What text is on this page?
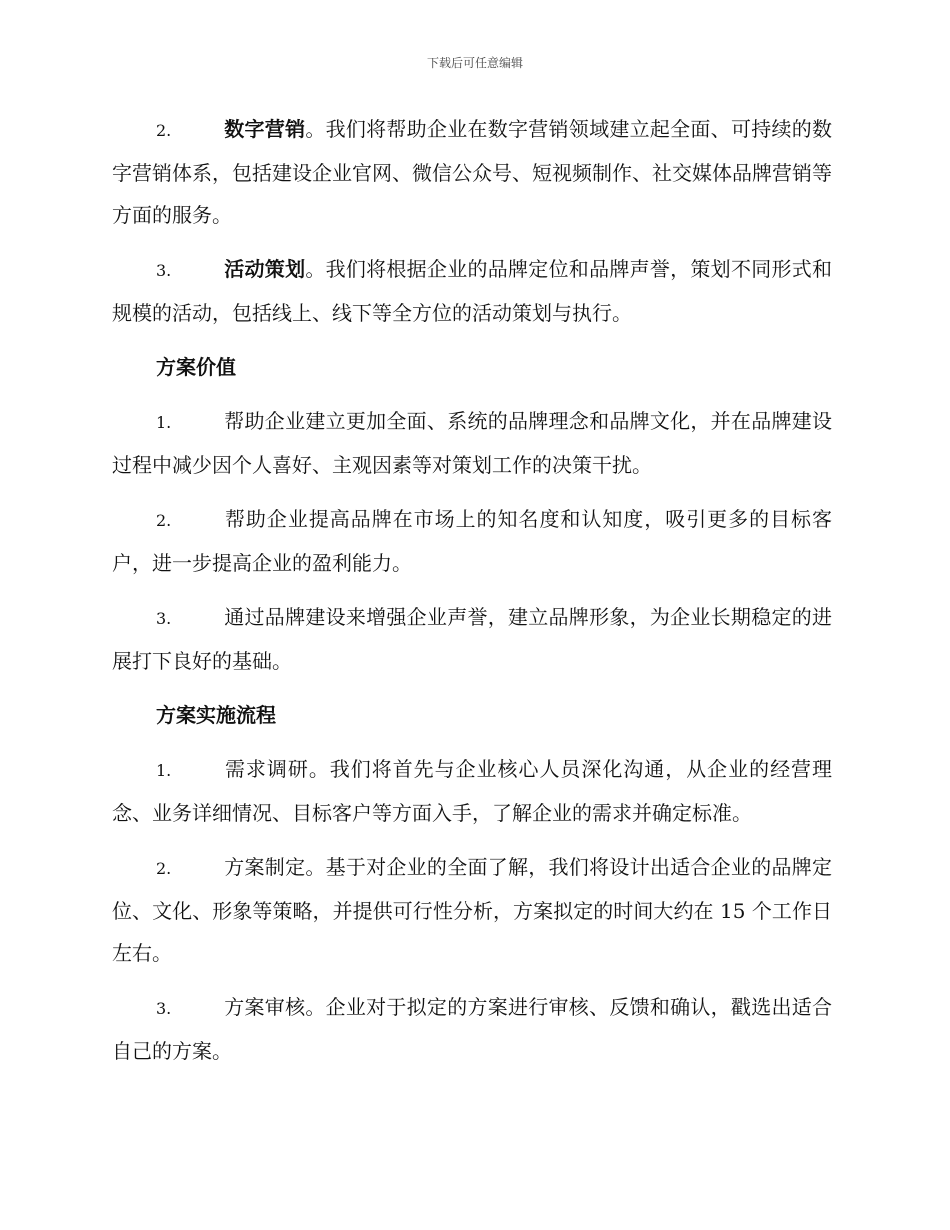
下载后可任意编辑

2.	数字营销。我们将帮助企业在数字营销领域建立起全面、可持续的数字营销体系，包括建设企业官网、微信公众号、短视频制作、社交媒体品牌营销等方面的服务。

3.	活动策划。我们将根据企业的品牌定位和品牌声誉，策划不同形式和规模的活动，包括线上、线下等全方位的活动策划与执行。

方案价值

1.	帮助企业建立更加全面、系统的品牌理念和品牌文化，并在品牌建设过程中减少因个人喜好、主观因素等对策划工作的决策干扰。

2.	帮助企业提高品牌在市场上的知名度和认知度，吸引更多的目标客户，进一步提高企业的盈利能力。

3.	通过品牌建设来增强企业声誉，建立品牌形象，为企业长期稳定的进展打下良好的基础。

方案实施流程

1.	需求调研。我们将首先与企业核心人员深化沟通，从企业的经营理念、业务详细情况、目标客户等方面入手，了解企业的需求并确定标准。

2.	方案制定。基于对企业的全面了解，我们将设计出适合企业的品牌定位、文化、形象等策略，并提供可行性分析，方案拟定的时间大约在 15 个工作日左右。

3.	方案审核。企业对于拟定的方案进行审核、反馈和确认，戳选出适合自己的方案。
